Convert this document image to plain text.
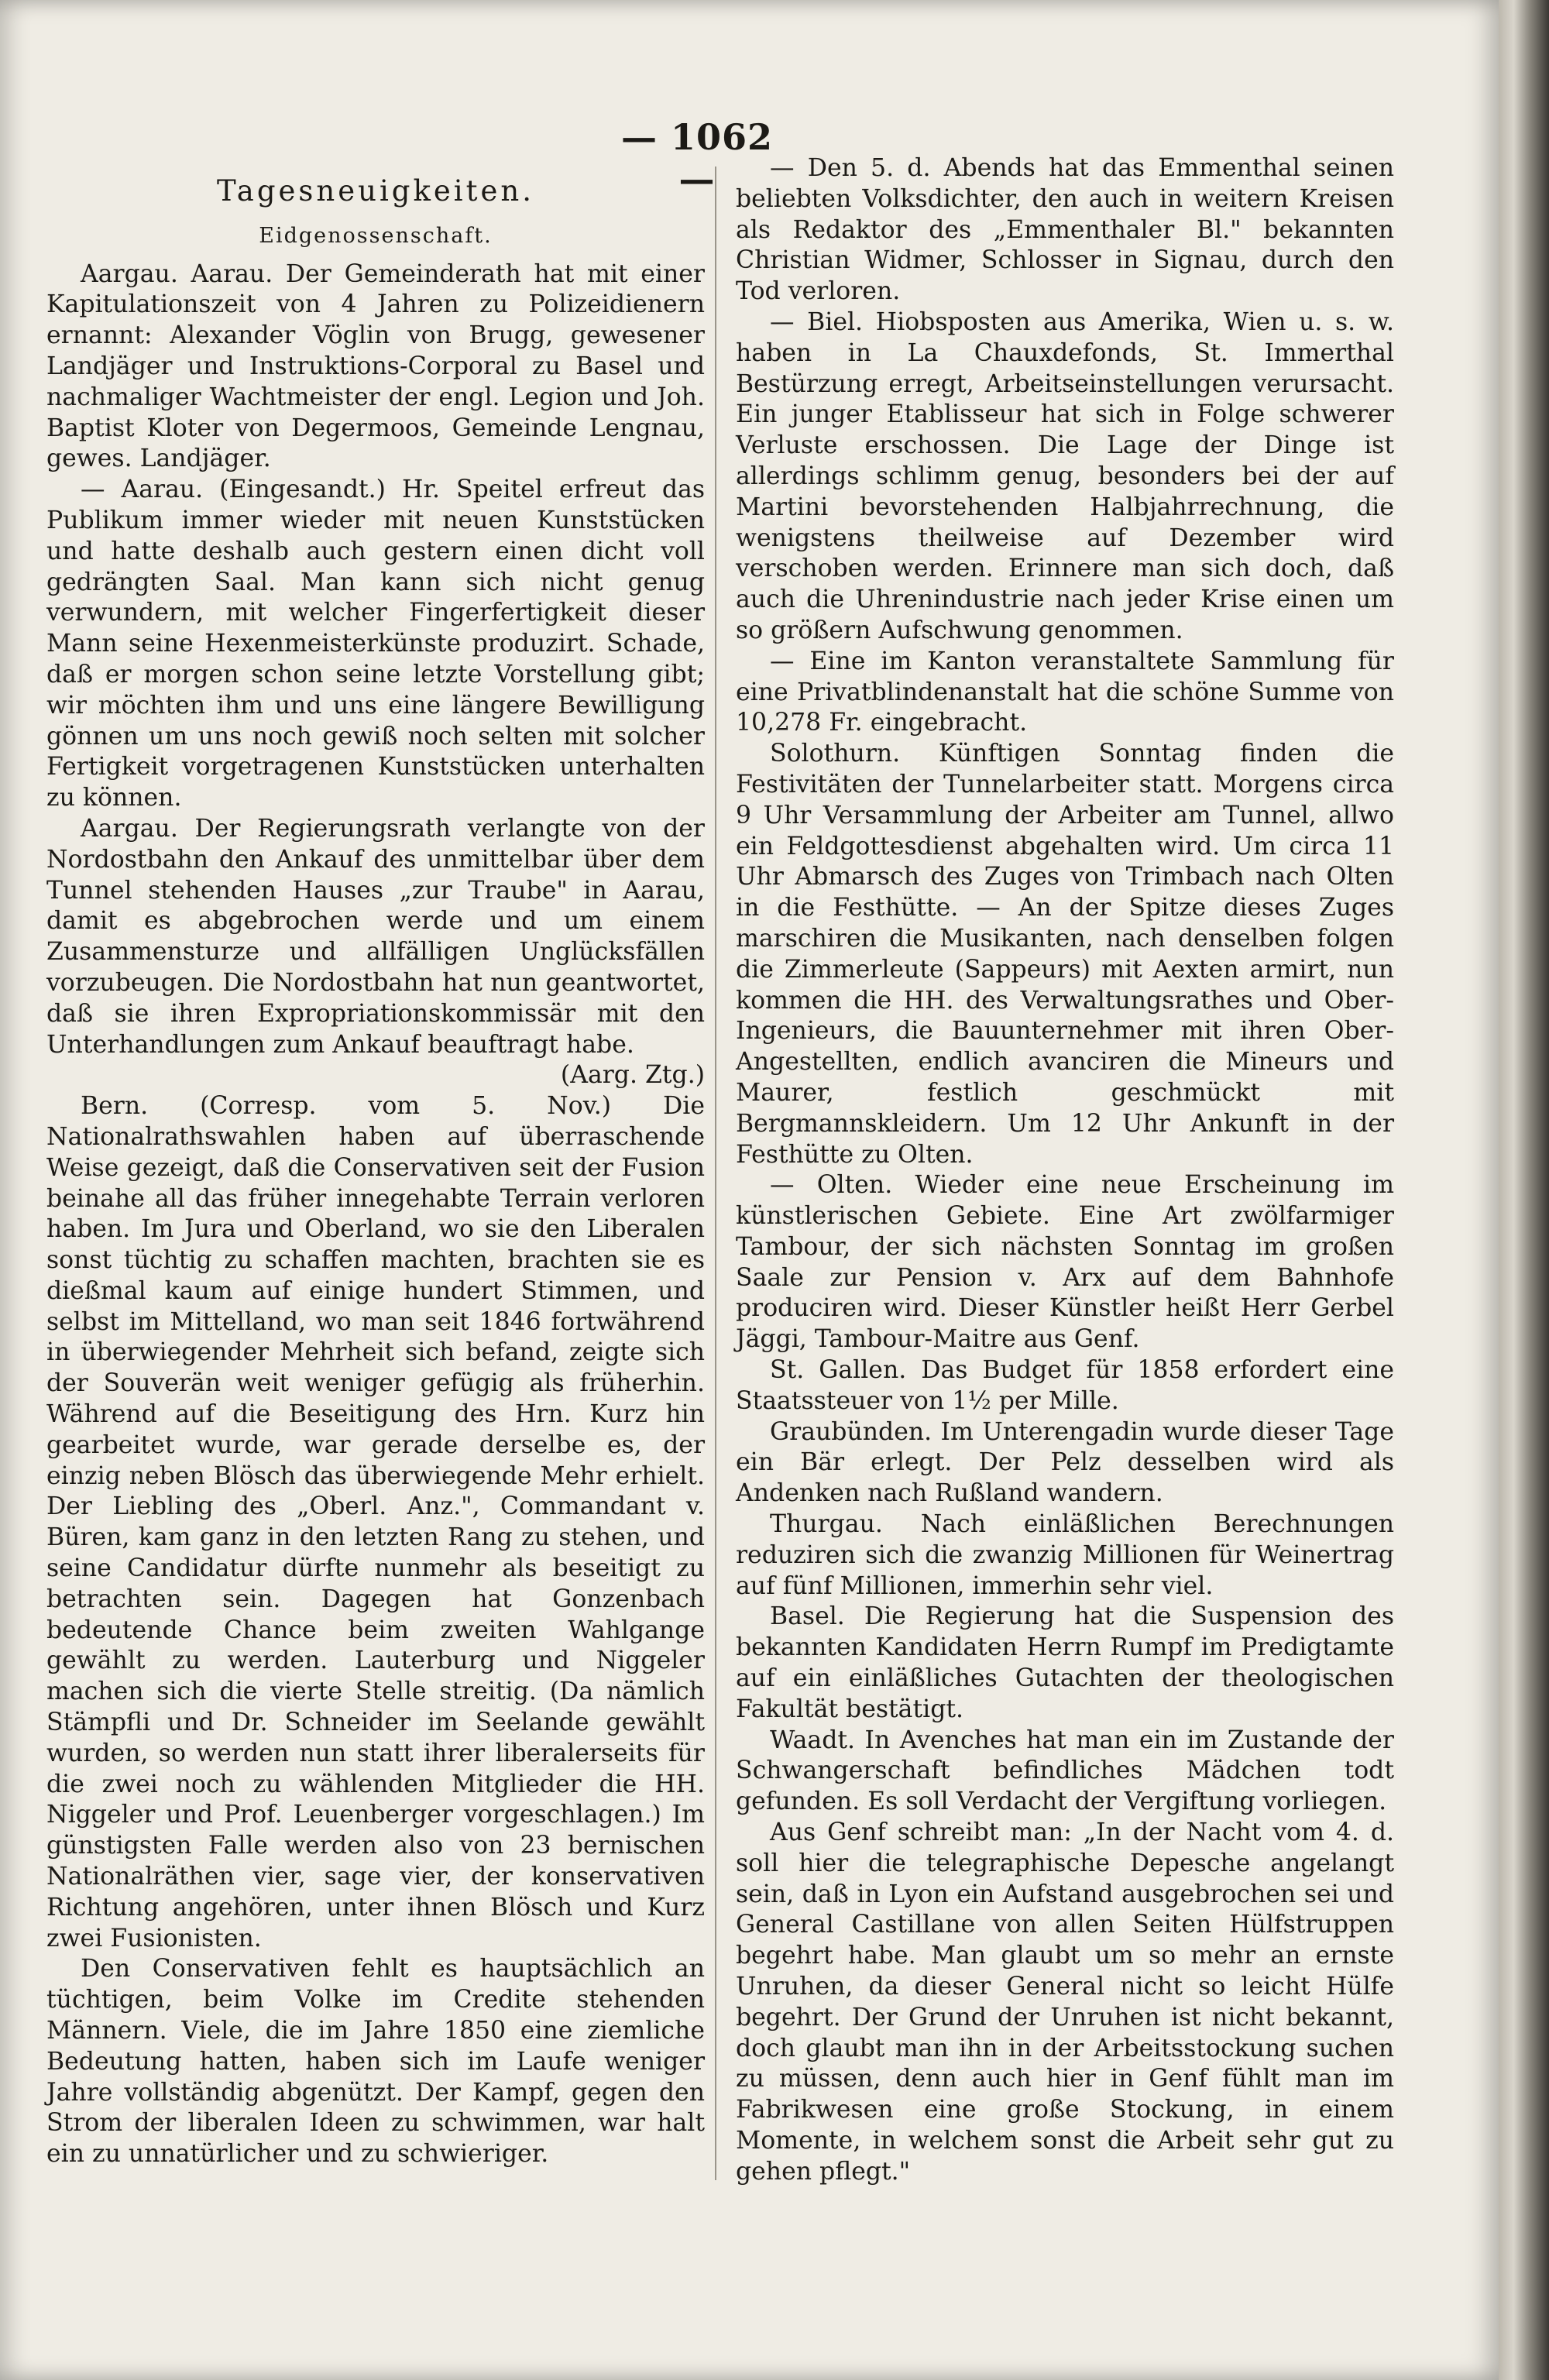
— 1062 —
Tagesneuigkeiten.
Eidgenossenschaft.

Aargau. Aarau. Der Gemeinderath hat mit einer Kapitulationszeit von 4 Jahren zu Polizeidienern ernannt: Alexander Vöglin von Brugg, gewesener Landjäger und Instruktions-Corporal zu Basel und nachmaliger Wachtmeister der engl. Legion und Joh. Baptist Kloter von Degermoos, Gemeinde Lengnau, gewes. Landjäger.

— Aarau. (Eingesandt.) Hr. Speitel erfreut das Publikum immer wieder mit neuen Kunststücken und hatte deshalb auch gestern einen dicht voll gedrängten Saal. Man kann sich nicht genug verwundern, mit welcher Fingerfertigkeit dieser Mann seine Hexenmeisterkünste produzirt. Schade, daß er morgen schon seine letzte Vorstellung gibt; wir möchten ihm und uns eine längere Bewilligung gönnen um uns noch gewiß noch selten mit solcher Fertigkeit vorgetragenen Kunststücken unterhalten zu können.

Aargau. Der Regierungsrath verlangte von der Nordostbahn den Ankauf des unmittelbar über dem Tunnel stehenden Hauses „zur Traube" in Aarau, damit es abgebrochen werde und um einem Zusammensturze und allfälligen Unglücksfällen vorzubeugen. Die Nordostbahn hat nun geantwortet, daß sie ihren Expropriationskommissär mit den Unterhandlungen zum Ankauf beauftragt habe.

(Aarg. Ztg.)

Bern. (Corresp. vom 5. Nov.) Die Nationalrathswahlen haben auf überraschende Weise gezeigt, daß die Conservativen seit der Fusion beinahe all das früher innegehabte Terrain verloren haben. Im Jura und Oberland, wo sie den Liberalen sonst tüchtig zu schaffen machten, brachten sie es dießmal kaum auf einige hundert Stimmen, und selbst im Mittelland, wo man seit 1846 fortwährend in überwiegender Mehrheit sich befand, zeigte sich der Souverän weit weniger gefügig als früherhin. Während auf die Beseitigung des Hrn. Kurz hin gearbeitet wurde, war gerade derselbe es, der einzig neben Blösch das überwiegende Mehr erhielt. Der Liebling des „Oberl. Anz.", Commandant v. Büren, kam ganz in den letzten Rang zu stehen, und seine Candidatur dürfte nunmehr als beseitigt zu betrachten sein. Dagegen hat Gonzenbach bedeutende Chance beim zweiten Wahlgange gewählt zu werden. Lauterburg und Niggeler machen sich die vierte Stelle streitig. (Da nämlich Stämpfli und Dr. Schneider im Seelande gewählt wurden, so werden nun statt ihrer liberalerseits für die zwei noch zu wählenden Mitglieder die HH. Niggeler und Prof. Leuenberger vorgeschlagen.) Im günstigsten Falle werden also von 23 bernischen Nationalräthen vier, sage vier, der konservativen Richtung angehören, unter ihnen Blösch und Kurz zwei Fusionisten.

Den Conservativen fehlt es hauptsächlich an tüchtigen, beim Volke im Credite stehenden Männern. Viele, die im Jahre 1850 eine ziemliche Bedeutung hatten, haben sich im Laufe weniger Jahre vollständig abgenützt. Der Kampf, gegen den Strom der liberalen Ideen zu schwimmen, war halt ein zu unnatürlicher und zu schwieriger.

— Den 5. d. Abends hat das Emmenthal seinen beliebten Volksdichter, den auch in weitern Kreisen als Redaktor des „Emmenthaler Bl." bekannten Christian Widmer, Schlosser in Signau, durch den Tod verloren.

— Biel. Hiobsposten aus Amerika, Wien u. s. w. haben in La Chauxdefonds, St. Immerthal Bestürzung erregt, Arbeitseinstellungen verursacht. Ein junger Etablisseur hat sich in Folge schwerer Verluste erschossen. Die Lage der Dinge ist allerdings schlimm genug, besonders bei der auf Martini bevorstehenden Halbjahrrechnung, die wenigstens theilweise auf Dezember wird verschoben werden. Erinnere man sich doch, daß auch die Uhrenindustrie nach jeder Krise einen um so größern Aufschwung genommen.

— Eine im Kanton veranstaltete Sammlung für eine Privatblindenanstalt hat die schöne Summe von 10,278 Fr. eingebracht.

Solothurn. Künftigen Sonntag finden die Festivitäten der Tunnelarbeiter statt. Morgens circa 9 Uhr Versammlung der Arbeiter am Tunnel, allwo ein Feldgottesdienst abgehalten wird. Um circa 11 Uhr Abmarsch des Zuges von Trimbach nach Olten in die Festhütte. — An der Spitze dieses Zuges marschiren die Musikanten, nach denselben folgen die Zimmerleute (Sappeurs) mit Aexten armirt, nun kommen die HH. des Verwaltungsrathes und Ober-Ingenieurs, die Bauunternehmer mit ihren Ober-Angestellten, endlich avanciren die Mineurs und Maurer, festlich geschmückt mit Bergmannskleidern. Um 12 Uhr Ankunft in der Festhütte zu Olten.

— Olten. Wieder eine neue Erscheinung im künstlerischen Gebiete. Eine Art zwölfarmiger Tambour, der sich nächsten Sonntag im großen Saale zur Pension v. Arx auf dem Bahnhofe produciren wird. Dieser Künstler heißt Herr Gerbel Jäggi, Tambour-Maitre aus Genf.

St. Gallen. Das Budget für 1858 erfordert eine Staatssteuer von 1½ per Mille.

Graubünden. Im Unterengadin wurde dieser Tage ein Bär erlegt. Der Pelz desselben wird als Andenken nach Rußland wandern.

Thurgau. Nach einläßlichen Berechnungen reduziren sich die zwanzig Millionen für Weinertrag auf fünf Millionen, immerhin sehr viel.

Basel. Die Regierung hat die Suspension des bekannten Kandidaten Herrn Rumpf im Predigtamte auf ein einläßliches Gutachten der theologischen Fakultät bestätigt.

Waadt. In Avenches hat man ein im Zustande der Schwangerschaft befindliches Mädchen todt gefunden. Es soll Verdacht der Vergiftung vorliegen.

Aus Genf schreibt man: „In der Nacht vom 4. d. soll hier die telegraphische Depesche angelangt sein, daß in Lyon ein Aufstand ausgebrochen sei und General Castillane von allen Seiten Hülfstruppen begehrt habe. Man glaubt um so mehr an ernste Unruhen, da dieser General nicht so leicht Hülfe begehrt. Der Grund der Unruhen ist nicht bekannt, doch glaubt man ihn in der Arbeitsstockung suchen zu müssen, denn auch hier in Genf fühlt man im Fabrikwesen eine große Stockung, in einem Momente, in welchem sonst die Arbeit sehr gut zu gehen pflegt."
